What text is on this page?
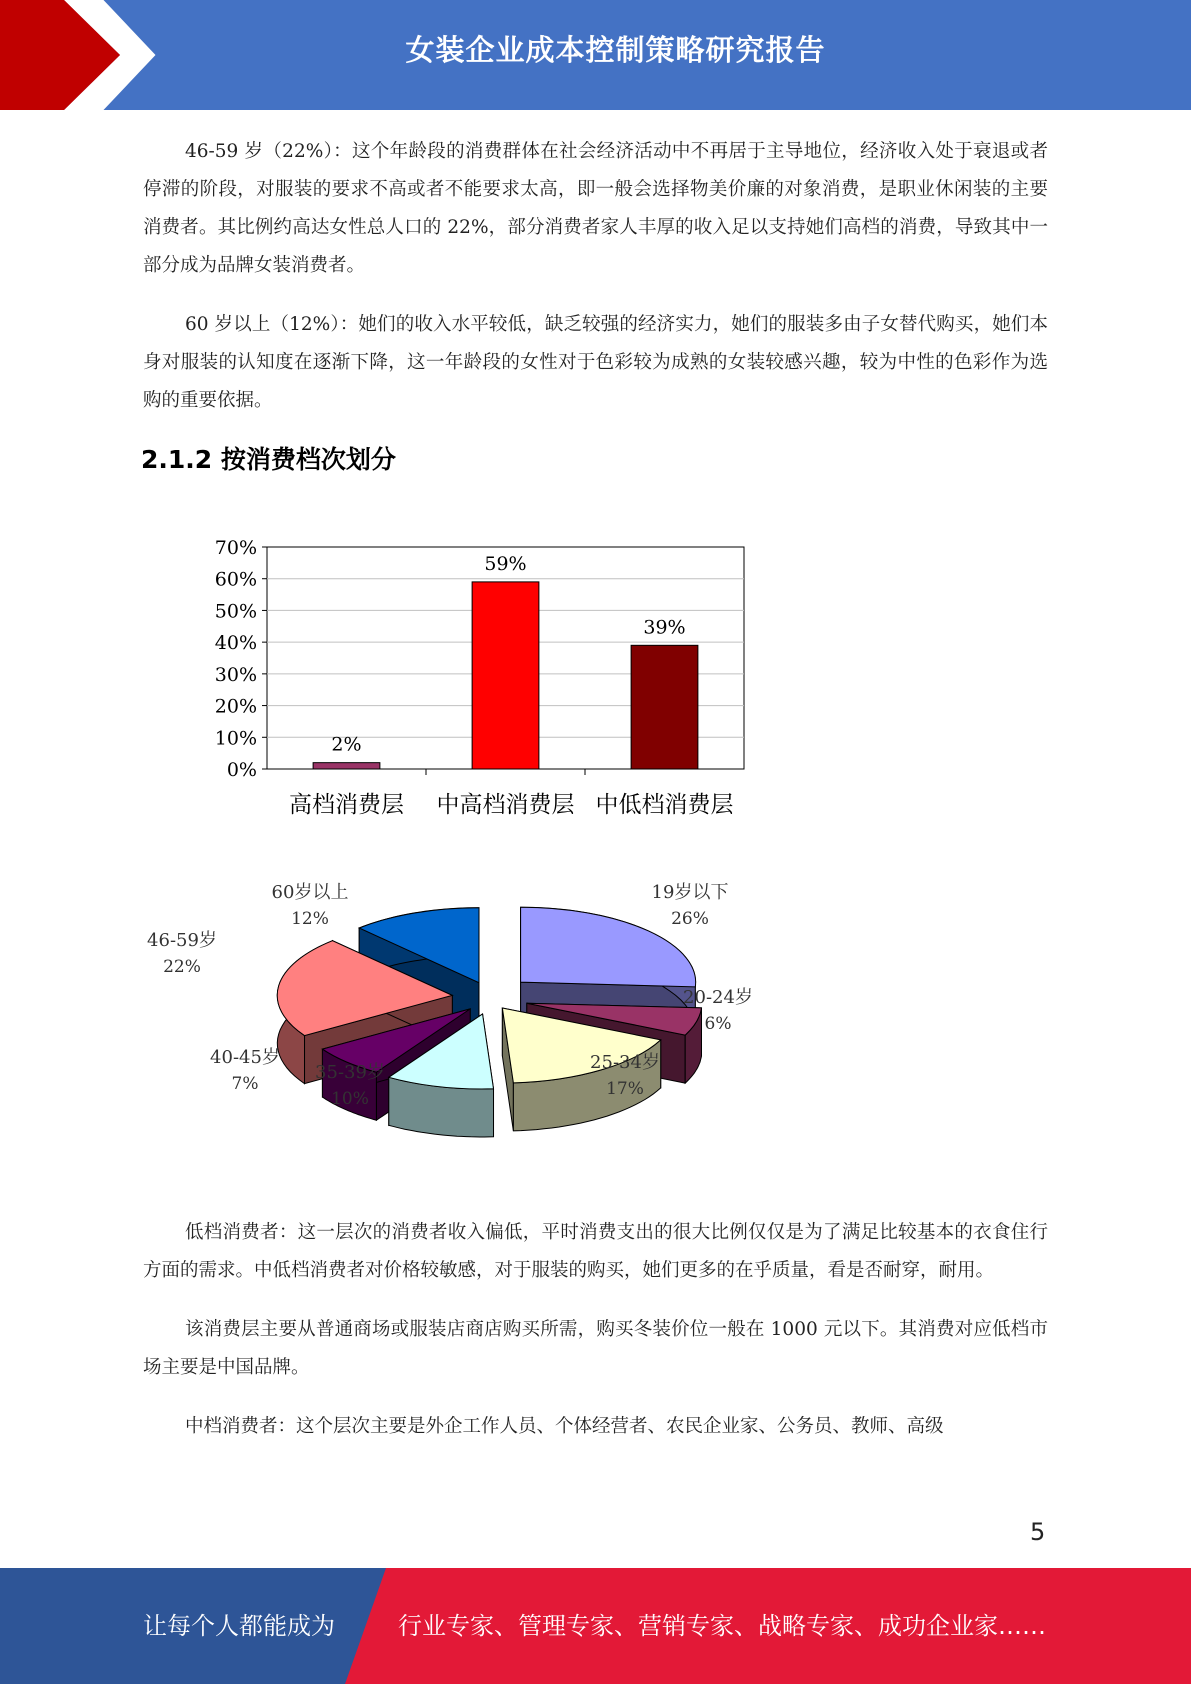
女装企业成本控制策略研究报告

46-59 岁（22%）：这个年龄段的消费群体在社会经济活动中不再居于主导地位，经济收入处于衰退或者停滞的阶段，对服装的要求不高或者不能要求太高，即一般会选择物美价廉的对象消费，是职业休闲装的主要消费者。其比例约高达女性总人口的 22%，部分消费者家人丰厚的收入足以支持她们高档的消费，导致其中一部分成为品牌女装消费者。

60 岁以上（12%）：她们的收入水平较低，缺乏较强的经济实力，她们的服装多由子女替代购买，她们本身对服装的认知度在逐渐下降，这一年龄段的女性对于色彩较为成熟的女装较感兴趣，较为中性的色彩作为选购的重要依据。

2.1.2 按消费档次划分
0%
10%
20%
30%
40%
50%
60%
70%
2%
高档消费层
59%
中高档消费层
39%
中低档消费层
19岁以下
26%
20-24岁
6%
25-34岁
17%
35-39岁
10%
40-45岁
7%
46-59岁
22%
60岁以上
12%

低档消费者：这一层次的消费者收入偏低，平时消费支出的很大比例仅仅是为了满足比较基本的衣食住行方面的需求。中低档消费者对价格较敏感，对于服装的购买，她们更多的在乎质量，看是否耐穿，耐用。

该消费层主要从普通商场或服装店商店购买所需，购买冬装价位一般在 1000 元以下。其消费对应低档市场主要是中国品牌。

中档消费者：这个层次主要是外企工作人员、个体经营者、农民企业家、公务员、教师、高级

5
让每个人都能成为	行业专家、管理专家、营销专家、战略专家、成功企业家……
